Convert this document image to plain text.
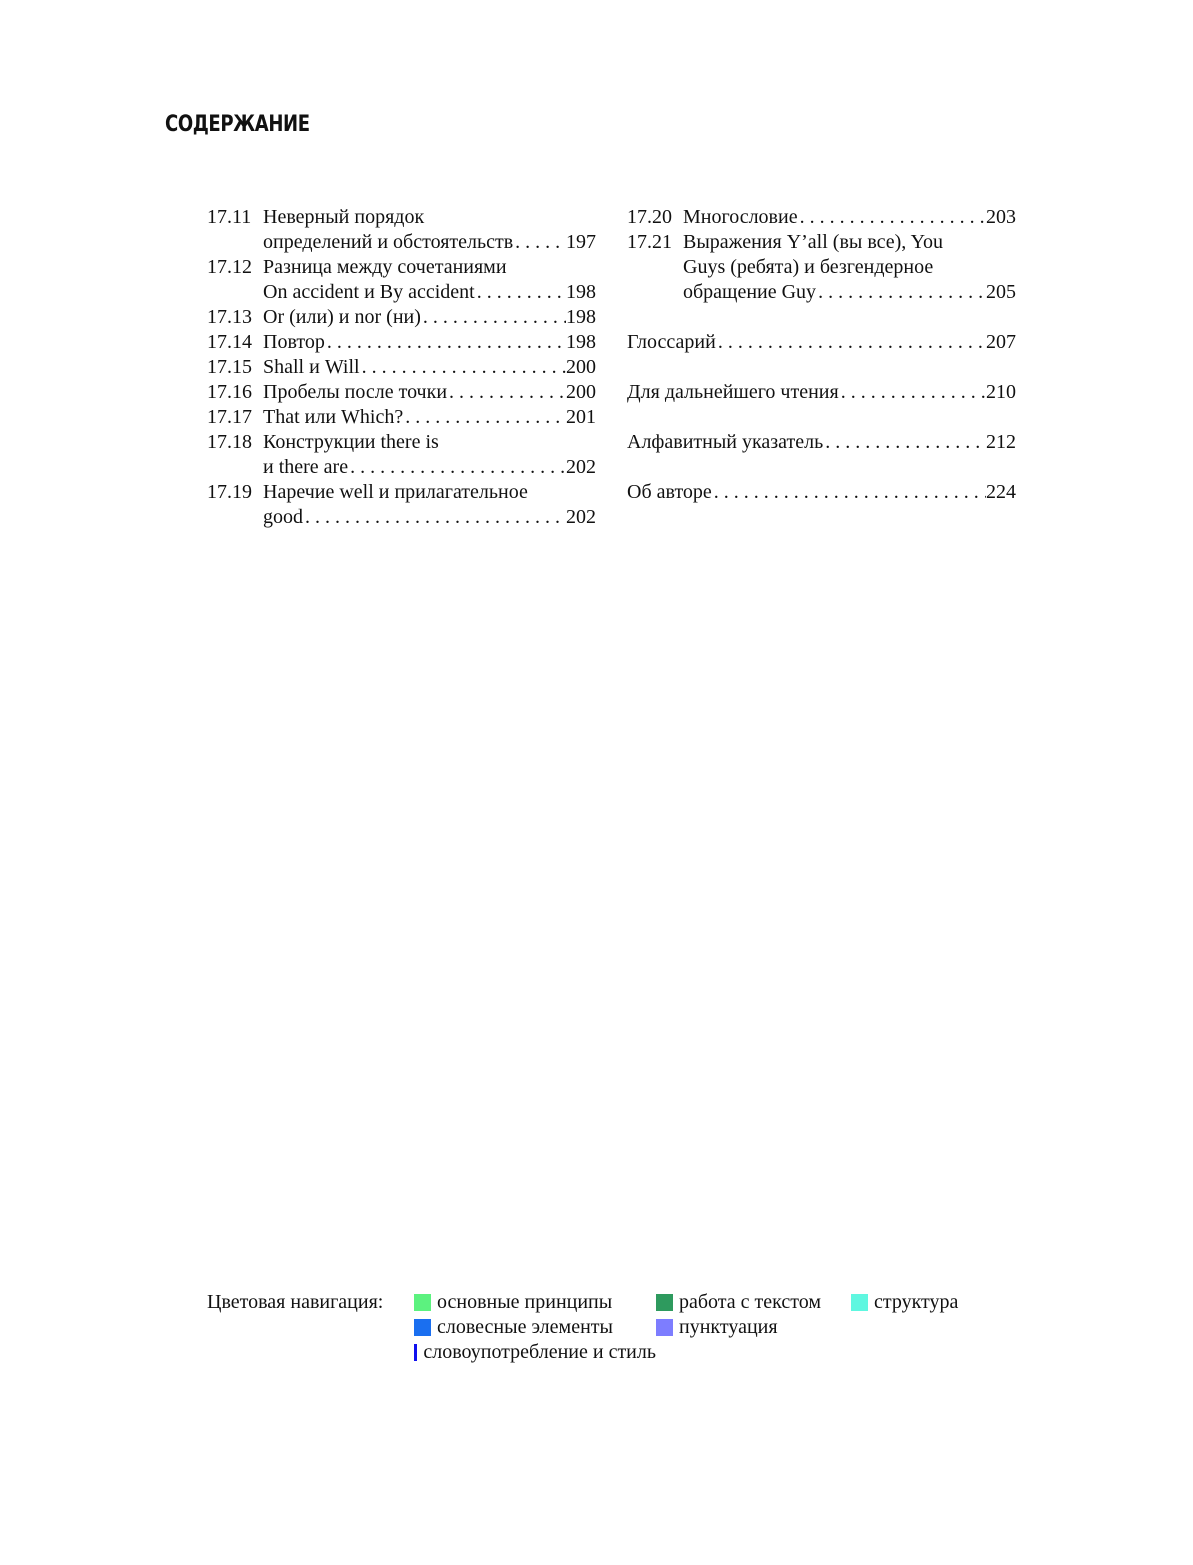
СОДЕРЖАНИЕ
17.11 Неверный порядок
определений и обстоятельств . . .	197
17.12 Разница между сочетаниями
On accident и By accident . . .	198
17.13 Or (или) и nor (ни) . . .	198
17.14 Повтор . . .	198
17.15 Shall и Will . . .	200
17.16 Пробелы после точки . . .	200
17.17 That или Which? . . .	201
17.18 Конструкции there is
и there are . . .	202
17.19 Наречие well и прилагательное
good . . .	202
17.20 Многословие . . .	203
17.21 Выражения Y’all (вы все), You
Guys (ребята) и безгендерное
обращение Guy . . .	205
Глоссарий . . .	207
Для дальнейшего чтения . . .	210
Алфавитный указатель . . .	212
Об авторе . . .	224
Цветовая навигация:	основные принципы	работа с текстом	структура
словесные элементы	пунктуация
словоупотребление и стиль
